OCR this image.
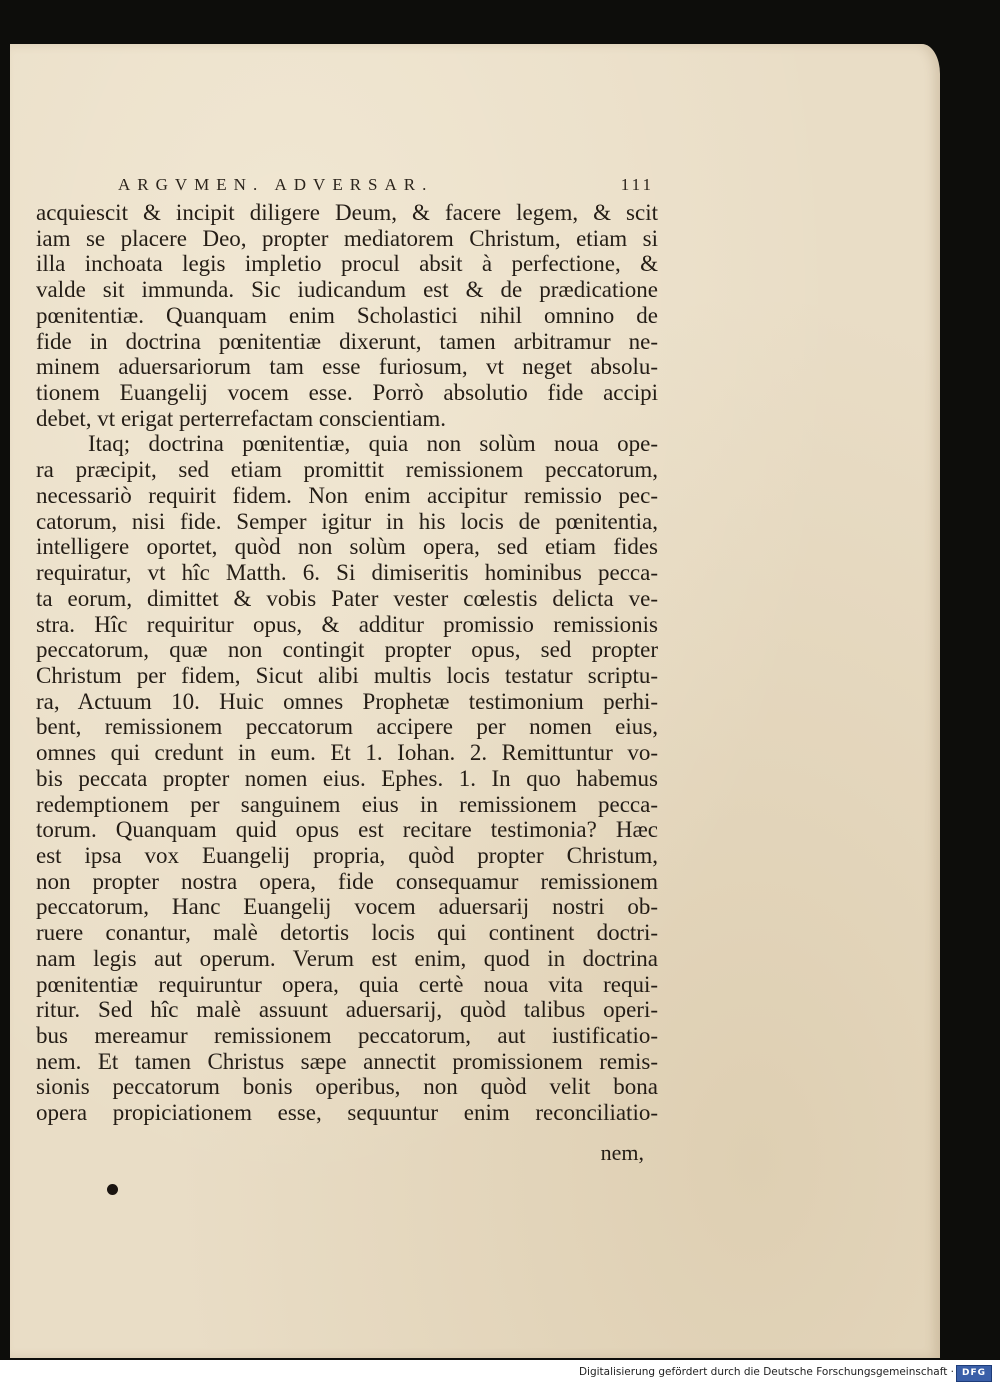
ARGVMEN. ADVERSAR.	111
acquiescit & incipit diligere Deum, & facere legem, & scit
iam se placere Deo, propter mediatorem Christum, etiam si
illa inchoata legis impletio procul absit à perfectione, &
valde sit immunda. Sic iudicandum est & de prædicatione
pœnitentiæ. Quanquam enim Scholastici nihil omnino de
fide in doctrina pœnitentiæ dixerunt, tamen arbitramur ne-
minem aduersariorum tam esse furiosum, vt neget absolu-
tionem Euangelij vocem esse. Porrò absolutio fide accipi
debet, vt erigat perterrefactam conscientiam.
Itaq; doctrina pœnitentiæ, quia non solùm noua ope-
ra præcipit, sed etiam promittit remissionem peccatorum,
necessariò requirit fidem. Non enim accipitur remissio pec-
catorum, nisi fide. Semper igitur in his locis de pœnitentia,
intelligere oportet, quòd non solùm opera, sed etiam fides
requiratur, vt hîc Matth. 6. Si dimiseritis hominibus pecca-
ta eorum, dimittet & vobis Pater vester cœlestis delicta ve-
stra. Hîc requiritur opus, & additur promissio remissionis
peccatorum, quæ non contingit propter opus, sed propter
Christum per fidem, Sicut alibi multis locis testatur scriptu-
ra, Actuum 10. Huic omnes Prophetæ testimonium perhi-
bent, remissionem peccatorum accipere per nomen eius,
omnes qui credunt in eum. Et 1. Iohan. 2. Remittuntur vo-
bis peccata propter nomen eius. Ephes. 1. In quo habemus
redemptionem per sanguinem eius in remissionem pecca-
torum. Quanquam quid opus est recitare testimonia? Hæc
est ipsa vox Euangelij propria, quòd propter Christum,
non propter nostra opera, fide consequamur remissionem
peccatorum, Hanc Euangelij vocem aduersarij nostri ob-
ruere conantur, malè detortis locis qui continent doctri-
nam legis aut operum. Verum est enim, quod in doctrina
pœnitentiæ requiruntur opera, quia certè noua vita requi-
ritur. Sed hîc malè assuunt aduersarij, quòd talibus operi-
bus mereamur remissionem peccatorum, aut iustificatio-
nem. Et tamen Christus sæpe annectit promissionem remis-
sionis peccatorum bonis operibus, non quòd velit bona
opera propiciationem esse, sequuntur enim reconciliatio-
nem,
Digitalisierung gefördert durch die Deutsche Forschungsgemeinschaft · DFG
